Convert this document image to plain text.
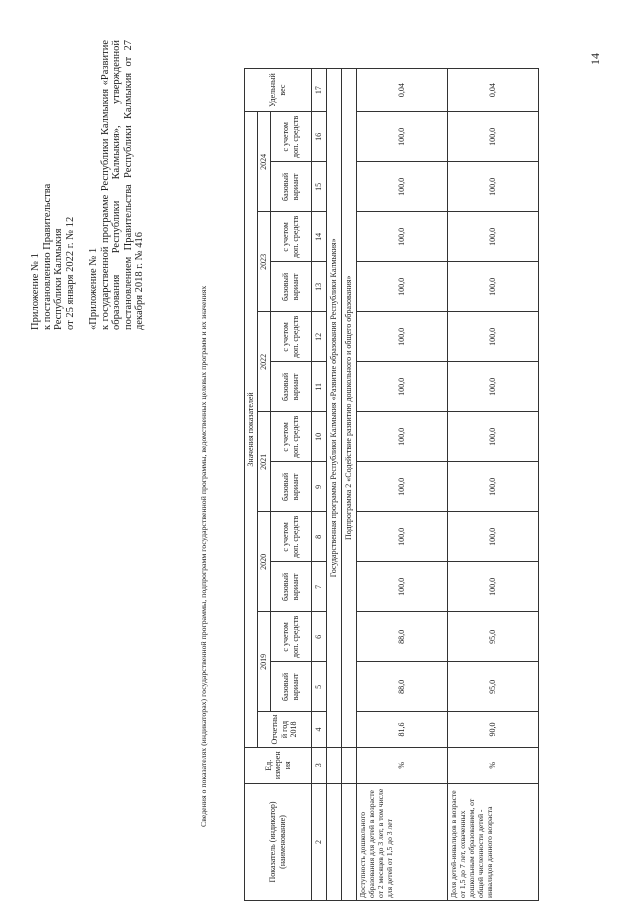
14
Приложение № 1 к постановлению Правительства Республики Калмыкия от 25 января 2022 г. № 12 «Приложение № 1 к государственной программе Республики Калмыкия «Развитие образования Республики Калмыкия», утвержденной постановлением Правительства Республики Калмыкия от 27 декабря 2018 г. № 416
Сведения о показателях (индикаторах) государственной программы, подпрограмм государственной программы, ведомственных целевых программ и их значениях
Показатель (индикатор) (наименование)	Ед. измерения	Значения показателей													Удельный вес
		Отчетный год 2018	2019		2020		2021		2022		2023		2024		
			базовый вариант	с учетом доп. средств	базовый вариант	с учетом доп. средств	базовый вариант	с учетом доп. средств	базовый вариант	с учетом доп. средств	базовый вариант	с учетом доп. средств	базовый вариант	с учетом доп. средств	
2	3	4	5	6	7	8	9	10	11	12	13	14	15	16	17
		Государственная программа Республики Калмыкия «Развитие образования Республики Калмыкия»													
		Подпрограмма 2 «Содействие развитию дошкольного и общего образования»													
Доступность дошкольного образования для детей в возрасте от 2 месяцев до 3 лет, в том числе для детей от 1,5 до 3 лет	%	81,6	88,0	88,0	100,0	100,0	100,0	100,0	100,0	100,0	100,0	100,0	100,0	100,0	0,04
Доля детей-инвалидов в возрасте от 1,5 до 7 лет, охваченных дошкольным образованием, от общей численности детей - инвалидов данного возраста	%	90,0	95,0	95,0	100,0	100,0	100,0	100,0	100,0	100,0	100,0	100,0	100,0	100,0	0,04
